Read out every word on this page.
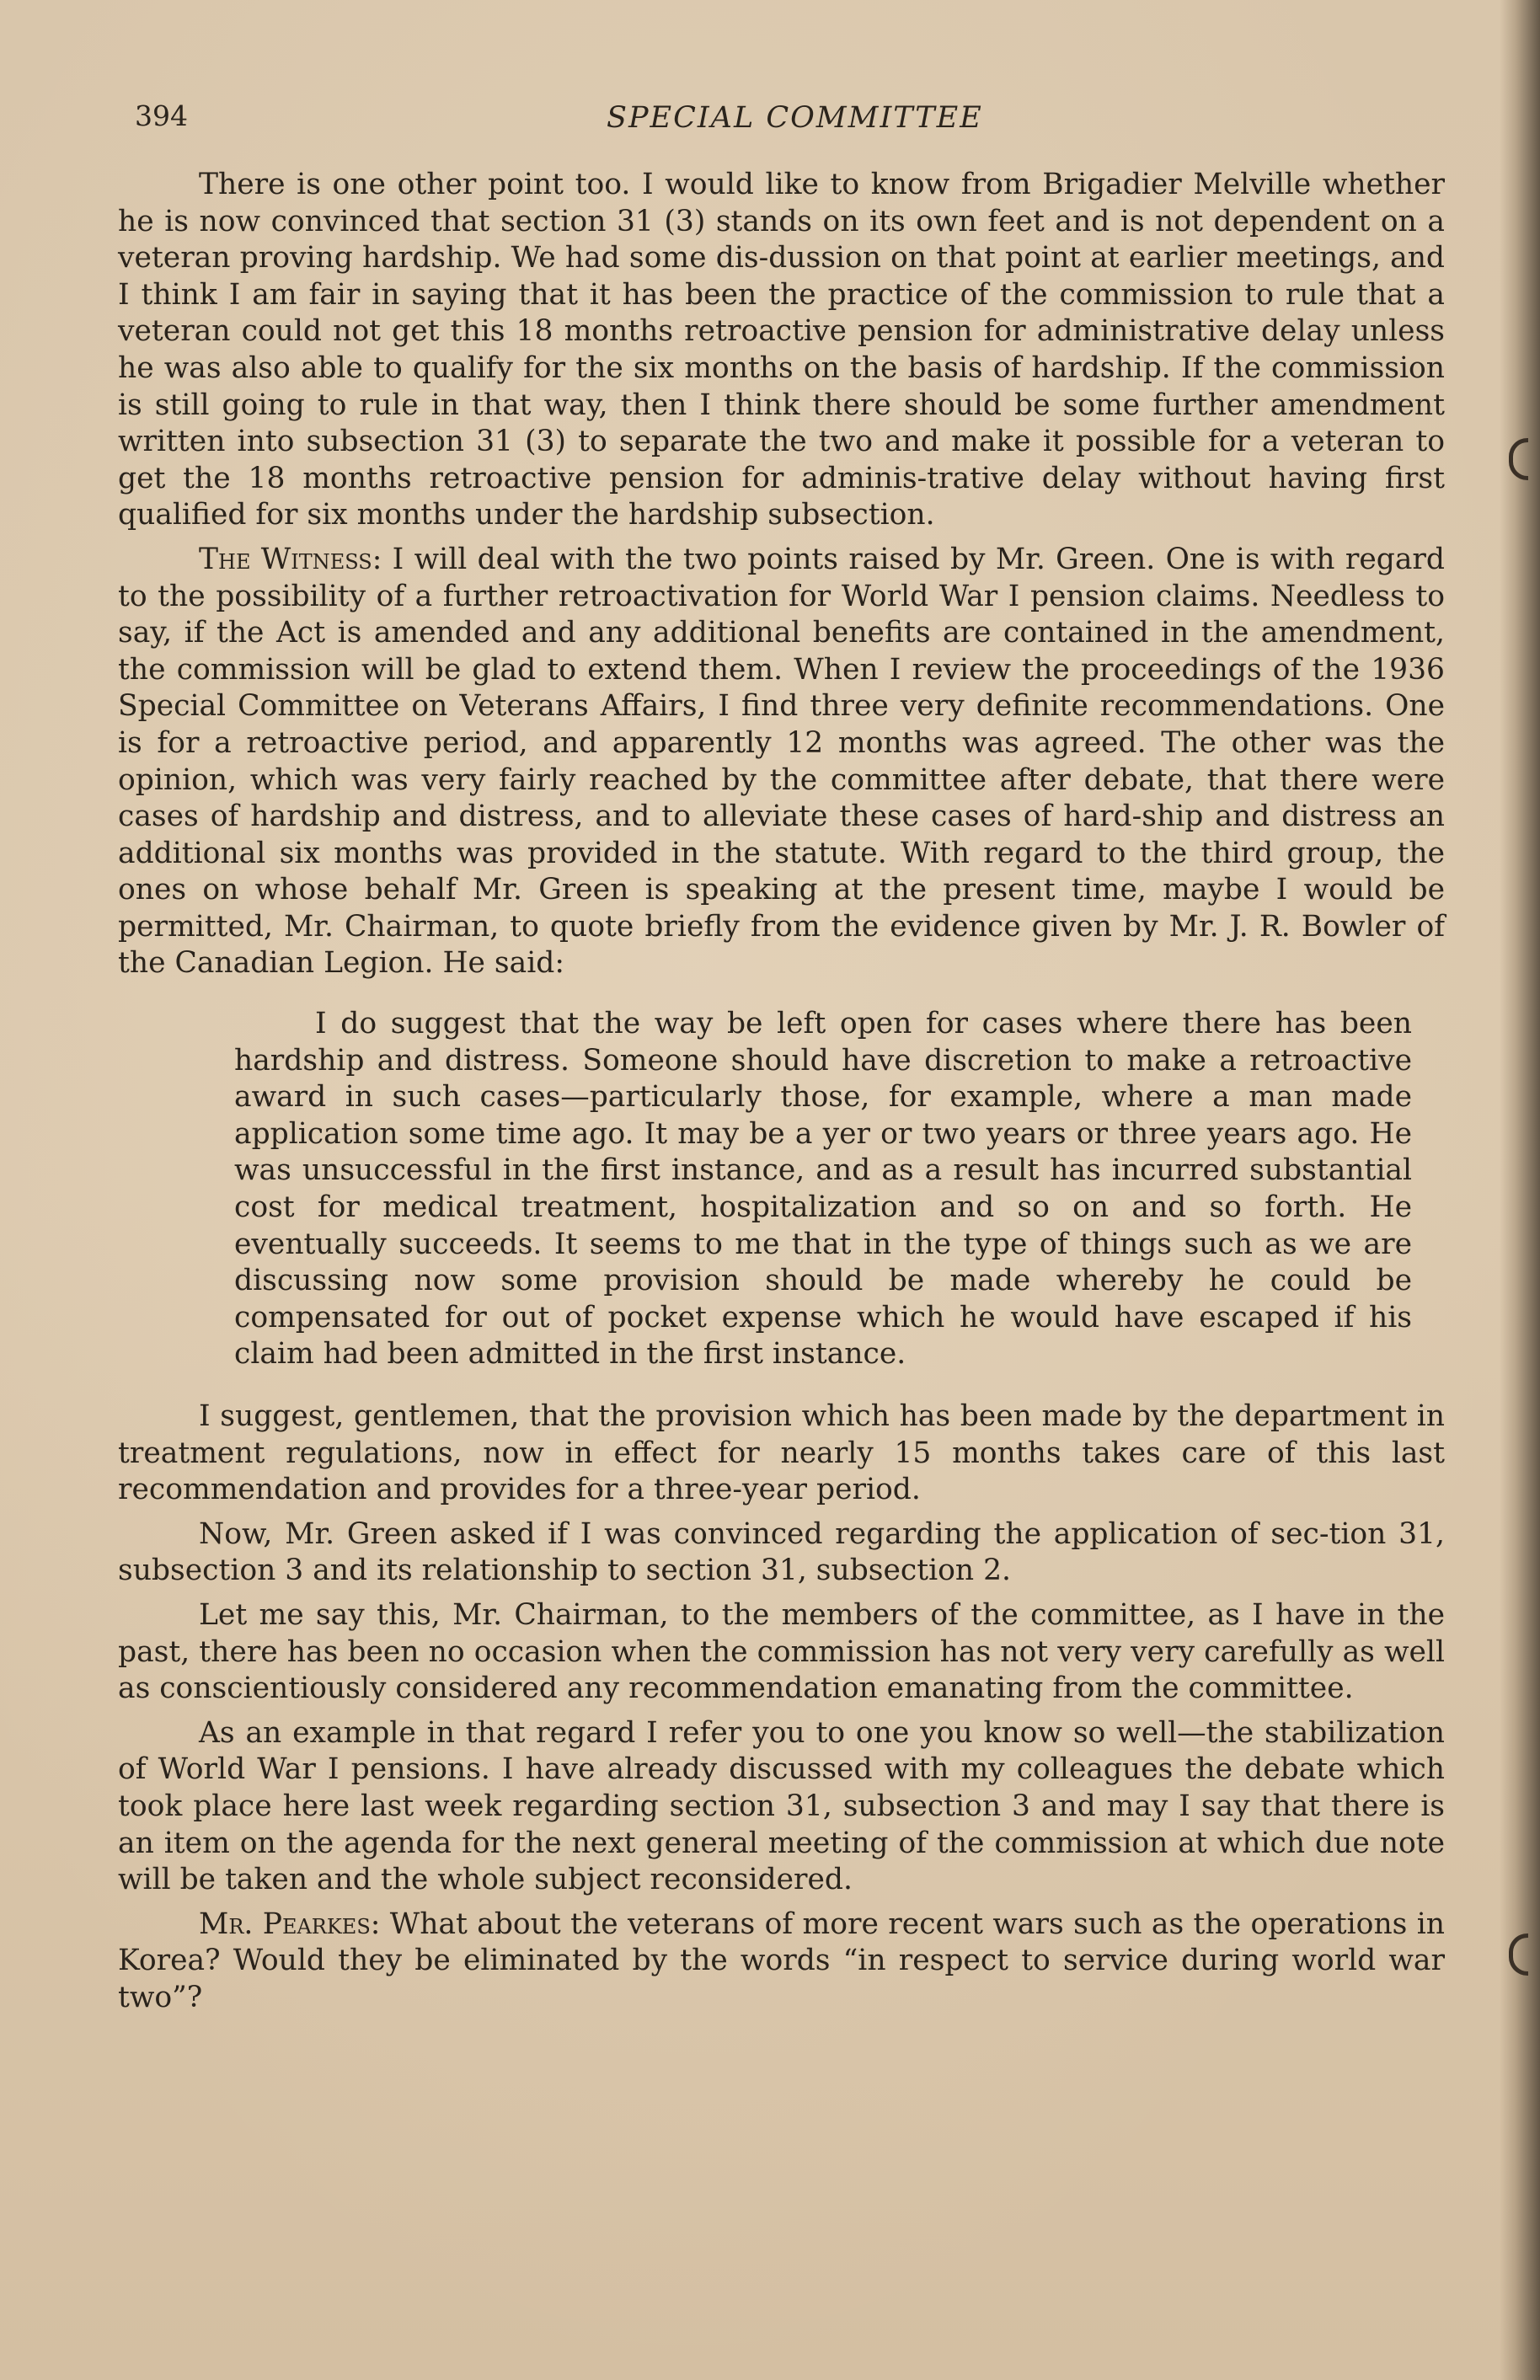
394	SPECIAL COMMITTEE

There is one other point too. I would like to know from Brigadier Melville whether he is now convinced that section 31 (3) stands on its own feet and is not dependent on a veteran proving hardship. We had some dis-dussion on that point at earlier meetings, and I think I am fair in saying that it has been the practice of the commission to rule that a veteran could not get this 18 months retroactive pension for administrative delay unless he was also able to qualify for the six months on the basis of hardship. If the commission is still going to rule in that way, then I think there should be some further amendment written into subsection 31 (3) to separate the two and make it possible for a veteran to get the 18 months retroactive pension for adminis-trative delay without having first qualified for six months under the hardship subsection.

The Witness: I will deal with the two points raised by Mr. Green. One is with regard to the possibility of a further retroactivation for World War I pension claims. Needless to say, if the Act is amended and any additional benefits are contained in the amendment, the commission will be glad to extend them. When I review the proceedings of the 1936 Special Committee on Veterans Affairs, I find three very definite recommendations. One is for a retroactive period, and apparently 12 months was agreed. The other was the opinion, which was very fairly reached by the committee after debate, that there were cases of hardship and distress, and to alleviate these cases of hard-ship and distress an additional six months was provided in the statute. With regard to the third group, the ones on whose behalf Mr. Green is speaking at the present time, maybe I would be permitted, Mr. Chairman, to quote briefly from the evidence given by Mr. J. R. Bowler of the Canadian Legion. He said:

I do suggest that the way be left open for cases where there has been hardship and distress. Someone should have discretion to make a retroactive award in such cases—particularly those, for example, where a man made application some time ago. It may be a yer or two years or three years ago. He was unsuccessful in the first instance, and as a result has incurred substantial cost for medical treatment, hospitalization and so on and so forth. He eventually succeeds. It seems to me that in the type of things such as we are discussing now some provision should be made whereby he could be compensated for out of pocket expense which he would have escaped if his claim had been admitted in the first instance.

I suggest, gentlemen, that the provision which has been made by the department in treatment regulations, now in effect for nearly 15 months takes care of this last recommendation and provides for a three-year period.

Now, Mr. Green asked if I was convinced regarding the application of sec-tion 31, subsection 3 and its relationship to section 31, subsection 2.

Let me say this, Mr. Chairman, to the members of the committee, as I have in the past, there has been no occasion when the commission has not very very carefully as well as conscientiously considered any recommendation emanating from the committee.

As an example in that regard I refer you to one you know so well—the stabilization of World War I pensions. I have already discussed with my colleagues the debate which took place here last week regarding section 31, subsection 3 and may I say that there is an item on the agenda for the next general meeting of the commission at which due note will be taken and the whole subject reconsidered.

Mr. Pearkes: What about the veterans of more recent wars such as the operations in Korea? Would they be eliminated by the words “in respect to service during world war two”?
